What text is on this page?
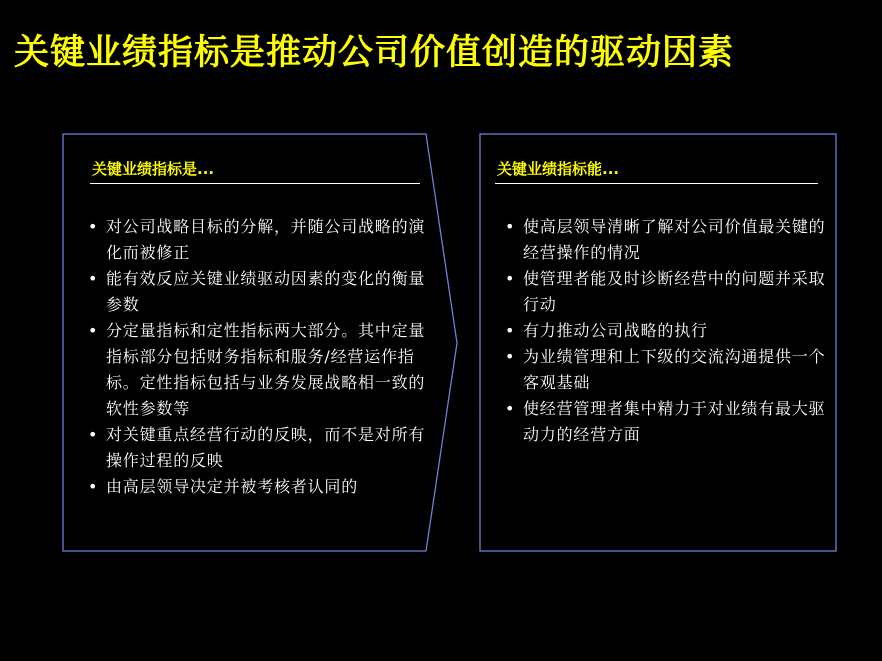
关键业绩指标是推动公司价值创造的驱动因素
关键业绩指标是...
• 对公司战略目标的分解，并随公司战略的演化而被修正
• 能有效反应关键业绩驱动因素的变化的衡量参数
• 分定量指标和定性指标两大部分。其中定量指标部分包括财务指标和服务/经营运作指标。定性指标包括与业务发展战略相一致的软性参数等
• 对关键重点经营行动的反映，而不是对所有操作过程的反映
• 由高层领导决定并被考核者认同的
关键业绩指标能...
• 使高层领导清晰了解对公司价值最关键的经营操作的情况
• 使管理者能及时诊断经营中的问题并采取行动
• 有力推动公司战略的执行
• 为业绩管理和上下级的交流沟通提供一个客观基础
• 使经营管理者集中精力于对业绩有最大驱动力的经营方面
